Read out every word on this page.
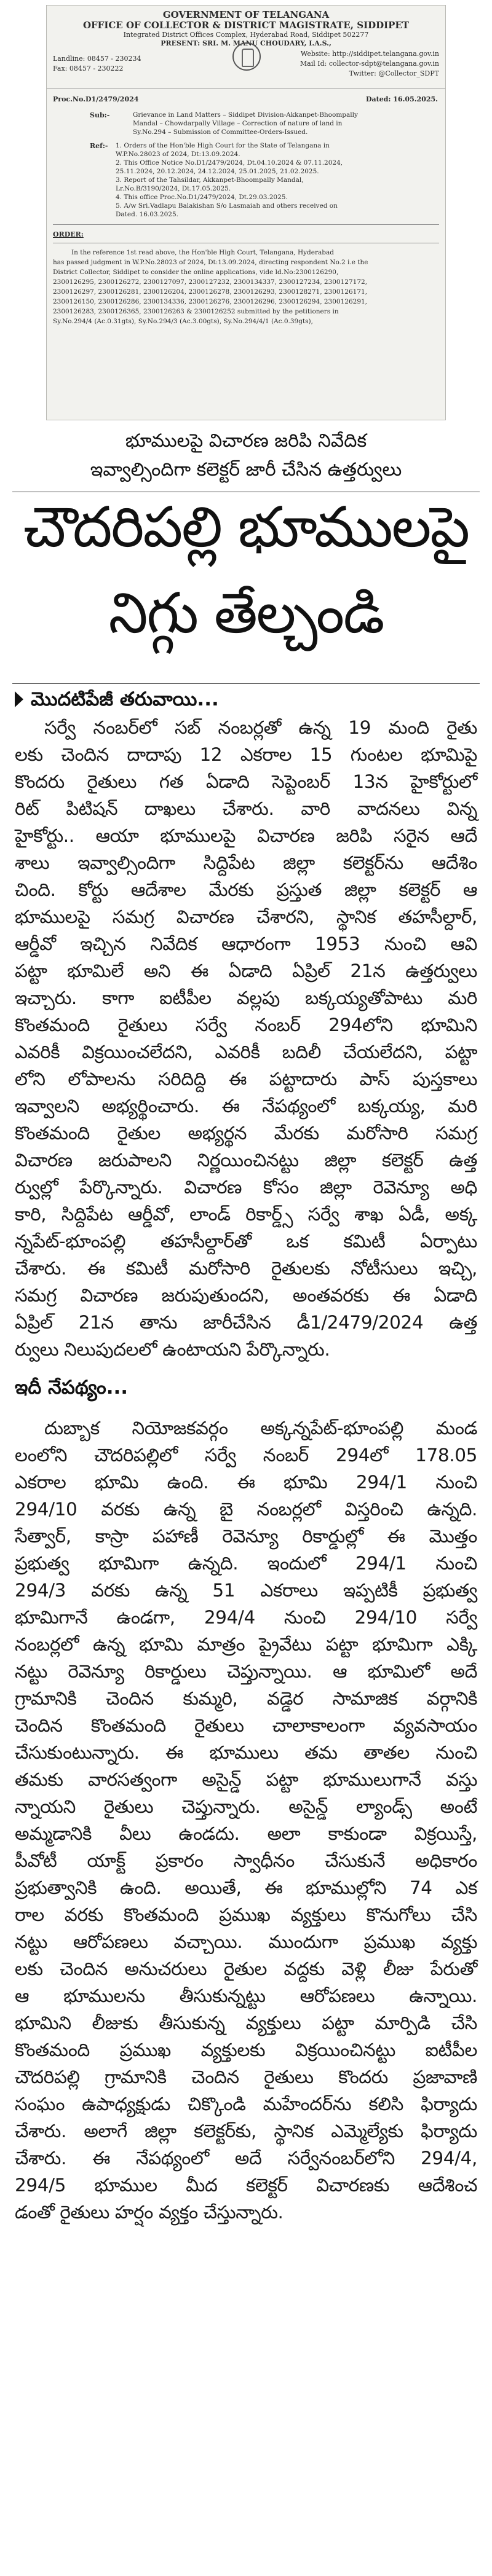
GOVERNMENT OF TELANGANA
OFFICE OF COLLECTOR & DISTRICT MAGISTRATE, SIDDIPET
Integrated District Offices Complex, Hyderabad Road, Siddipet 502277
PRESENT: SRI. M. MANU CHOUDARY, I.A.S.,
Landline: 08457 - 230234
Fax: 08457 - 230222
Website: http://siddipet.telangana.gov.in
Mail Id: collector-sdpt@telangana.gov.in
Twitter: @Collector_SDPT
Proc.No.D1/2479/2024	Dated: 16.05.2025.
Sub:-	Grievance in Land Matters – Siddipet Division-Akkanpet-Bhoompally
Mandal – Chowdarpally Village – Correction of nature of land in
Sy.No.294 – Submission of Committee-Orders-Issued.
Ref:- 1. Orders of the Hon'ble High Court for the State of Telangana in
W.P.No.28023 of 2024, Dt:13.09.2024.
2. This Office Notice No.D1/2479/2024, Dt.04.10.2024 & 07.11.2024,
25.11.2024, 20.12.2024, 24.12.2024, 25.01.2025, 21.02.2025.
3. Report of the Tahsildar, Akkanpet-Bhoompally Mandal,
Lr.No.B/3190/2024, Dt.17.05.2025.
4. This office Proc.No.D1/2479/2024, Dt.29.03.2025.
5. A/w Sri.Vadlapu Balakishan S/o Lasmaiah and others received on
Dated. 16.03.2025.
ORDER:
In the reference 1st read above, the Hon'ble High Court, Telangana, Hyderabad
has passed judgment in W.P.No.28023 of 2024, Dt:13.09.2024, directing respondent No.2 i.e the
District Collector, Siddipet to consider the online applications, vide ld.No:2300126290,
2300126295, 2300126272, 2300127097, 2300127232, 2300134337, 2300127234, 2300127172,
2300126297, 2300126281, 2300126204, 2300126278, 2300126293, 2300128271, 2300126171,
2300126150, 2300126286, 2300134336, 2300126276, 2300126296, 2300126294, 2300126291,
2300126283, 2300126365, 2300126263 & 2300126252 submitted by the petitioners in
Sy.No.294/4 (Ac.0.31gts), Sy.No.294/3 (Ac.3.00gts), Sy.No.294/4/1 (Ac.0.39gts),
భూములపై విచారణ జరిపి నివేదిక
ఇవ్వాల్సిందిగా కలెక్టర్ జారీ చేసిన ఉత్తర్వులు
చౌదరిపల్లి భూములపై
నిగ్గు తేల్చండి
మొదటిపేజీ తరువాయి...
సర్వే నంబర్‌లో సబ్ నంబర్లతో ఉన్న 19 మంది రైతు
లకు చెందిన దాదాపు 12 ఎకరాల 15 గుంటల భూమిపై
కొందరు రైతులు గత ఏడాది సెప్టెంబర్ 13న హైకోర్టులో
రిట్ పిటిషన్ దాఖలు చేశారు. వారి వాదనలు విన్న
హైకోర్టు.. ఆయా భూములపై విచారణ జరిపి సరైన ఆదే
శాలు ఇవ్వాల్సిందిగా సిద్దిపేట జిల్లా కలెక్టర్‌ను ఆదేశిం
చింది. కోర్టు ఆదేశాల మేరకు ప్రస్తుత జిల్లా కలెక్టర్ ఆ
భూములపై సమగ్ర విచారణ చేశారని, స్థానిక తహసీల్దార్,
ఆర్డీవో ఇచ్చిన నివేదిక ఆధారంగా 1953 నుంచి ఆవి
పట్టా భూమిలే అని ఈ ఏడాది ఏప్రిల్ 21న ఉత్తర్వులు
ఇచ్చారు. కాగా ఐటీపీల వల్లపు బక్కయ్యతోపాటు మరి
కొంతమంది రైతులు సర్వే నంబర్ 294లోని భూమిని
ఎవరికీ విక్రయించలేదని, ఎవరికీ బదిలీ చేయలేదని, పట్టా
లోని లోపాలను సరిదిద్ది ఈ పట్టాదారు పాస్ పుస్తకాలు
ఇవ్వాలని అభ్యర్థించారు. ఈ నేపథ్యంలో బక్కయ్య, మరి
కొంతమంది రైతుల అభ్యర్థన మేరకు మరోసారి సమగ్ర
విచారణ జరుపాలని నిర్ణయించినట్టు జిల్లా కలెక్టర్ ఉత్త
ర్వుల్లో పేర్కొన్నారు. విచారణ కోసం జిల్లా రెవెన్యూ అధి
కారి, సిద్దిపేట ఆర్డీవో, లాండ్ రికార్డ్స్ సర్వే శాఖ ఏడీ, అక్క
న్నపేట్-భూంపల్లి తహసీల్దార్‌తో ఒక కమిటీ ఏర్పాటు
చేశారు. ఈ కమిటీ మరోసారి రైతులకు నోటీసులు ఇచ్చి,
సమగ్ర విచారణ జరుపుతుందని, అంతవరకు ఈ ఏడాది
ఏప్రిల్ 21న తాను జారీచేసిన డీ1/2479/2024 ఉత్త
ర్వులు నిలుపుదలలో ఉంటాయని పేర్కొన్నారు.
ఇదీ నేపథ్యం...
దుబ్బాక నియోజకవర్గం అక్కన్నపేట్-భూంపల్లి మండ
లంలోని చౌదరిపల్లిలో సర్వే నంబర్ 294లో 178.05
ఎకరాల భూమి ఉంది. ఈ భూమి 294/1 నుంచి
294/10 వరకు ఉన్న బై నంబర్లలో విస్తరించి ఉన్నది.
సేత్వార్, కాస్రా పహాణీ రెవెన్యూ రికార్డుల్లో ఈ మొత్తం
ప్రభుత్వ భూమిగా ఉన్నది. ఇందులో 294/1 నుంచి
294/3 వరకు ఉన్న 51 ఎకరాలు ఇప్పటికీ ప్రభుత్వ
భూమిగానే ఉండగా, 294/4 నుంచి 294/10 సర్వే
నంబర్లలో ఉన్న భూమి మాత్రం ప్రైవేటు పట్టా భూమిగా ఎక్కి
నట్టు రెవెన్యూ రికార్డులు చెప్తున్నాయి. ఆ భూమిలో అదే
గ్రామానికి చెందిన కుమ్మరి, వడ్డెర సామాజిక వర్గానికి
చెందిన కొంతమంది రైతులు చాలాకాలంగా వ్యవసాయం
చేసుకుంటున్నారు. ఈ భూములు తమ తాతల నుంచి
తమకు వారసత్వంగా అసైన్డ్ పట్టా భూములుగానే వస్తు
న్నాయని రైతులు చెప్తున్నారు. అసైన్డ్ ల్యాండ్స్ అంటే
అమ్మడానికి వీలు ఉండదు. అలా కాకుండా విక్రయిస్తే,
పీవోటీ యాక్ట్ ప్రకారం స్వాధీనం చేసుకునే అధికారం
ప్రభుత్వానికి ఉంది. అయితే, ఈ భూముల్లోని 74 ఎక
రాల వరకు కొంతమంది ప్రముఖ వ్యక్తులు కొనుగోలు చేసి
నట్టు ఆరోపణలు వచ్చాయి. ముందుగా ప్రముఖ వ్యక్తు
లకు చెందిన అనుచరులు రైతుల వద్దకు వెళ్లి లీజు పేరుతో
ఆ భూములను తీసుకున్నట్టు ఆరోపణలు ఉన్నాయి.
భూమిని లీజుకు తీసుకున్న వ్యక్తులు పట్టా మార్పిడి చేసి
కొంతమంది ప్రముఖ వ్యక్తులకు విక్రయించినట్టు ఐటీపీల
చౌదరిపల్లి గ్రామానికి చెందిన రైతులు కొందరు ప్రజావాణి
సంఘం ఉపాధ్యక్షుడు చిక్కొండి మహేందర్‌ను కలిసి ఫిర్యాదు
చేశారు. అలాగే జిల్లా కలెక్టర్‌కు, స్థానిక ఎమ్మెల్యేకు ఫిర్యాదు
చేశారు. ఈ నేపథ్యంలో అదే సర్వేనంబర్‌లోని 294/4,
294/5 భూముల మీద కలెక్టర్ విచారణకు ఆదేశించ
డంతో రైతులు హర్షం వ్యక్తం చేస్తున్నారు.
